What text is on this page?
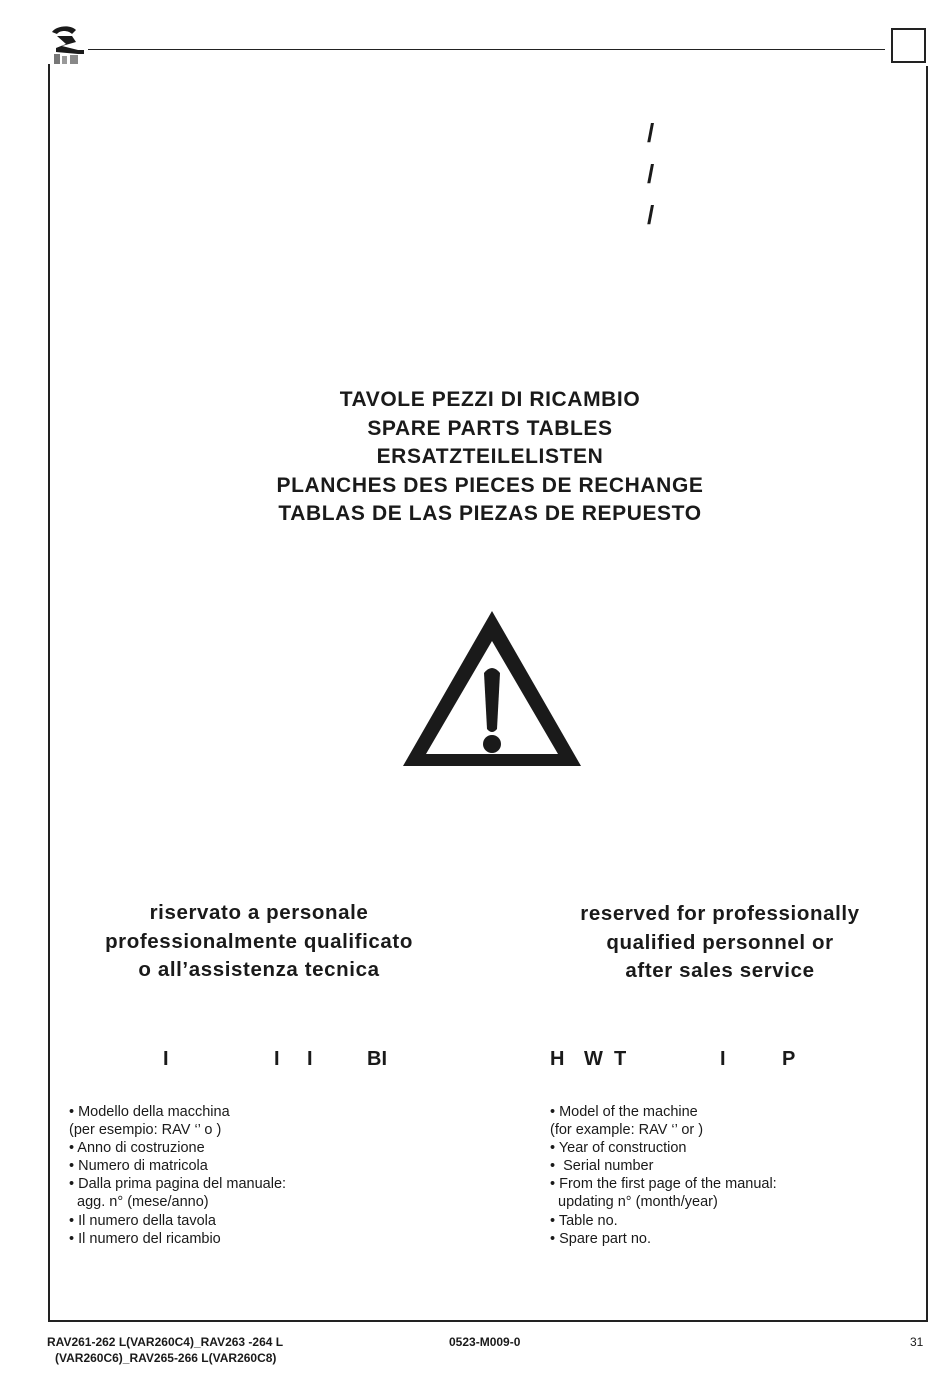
/
/
/
TAVOLE PEZZI DI RICAMBIO
SPARE PARTS TABLES
ERSATZTEILELISTEN
PLANCHES DES PIECES DE RECHANGE
TABLAS DE LAS PIEZAS DE REPUESTO
riservato a personale
professionalmente qualificato
o all’assistenza tecnica
reserved for professionally
qualified personnel or
after sales service
I	I I	BI	H W T	I	P
• Modello della macchina
(per esempio: RAV ‘’ o )
• Anno di costruzione
• Numero di matricola
• Dalla prima pagina del manuale:
agg. n° (mese/anno)
• Il numero della tavola
• Il numero del ricambio
• Model of the machine
(for example: RAV ‘’ or )
• Year of construction
•  Serial number
• From the first page of the manual:
updating n° (month/year)
• Table no.
• Spare part no.
RAV261-262 L(VAR260C4)_RAV263 -264 L
(VAR260C6)_RAV265-266 L(VAR260C8)
0523-M009-0	31
